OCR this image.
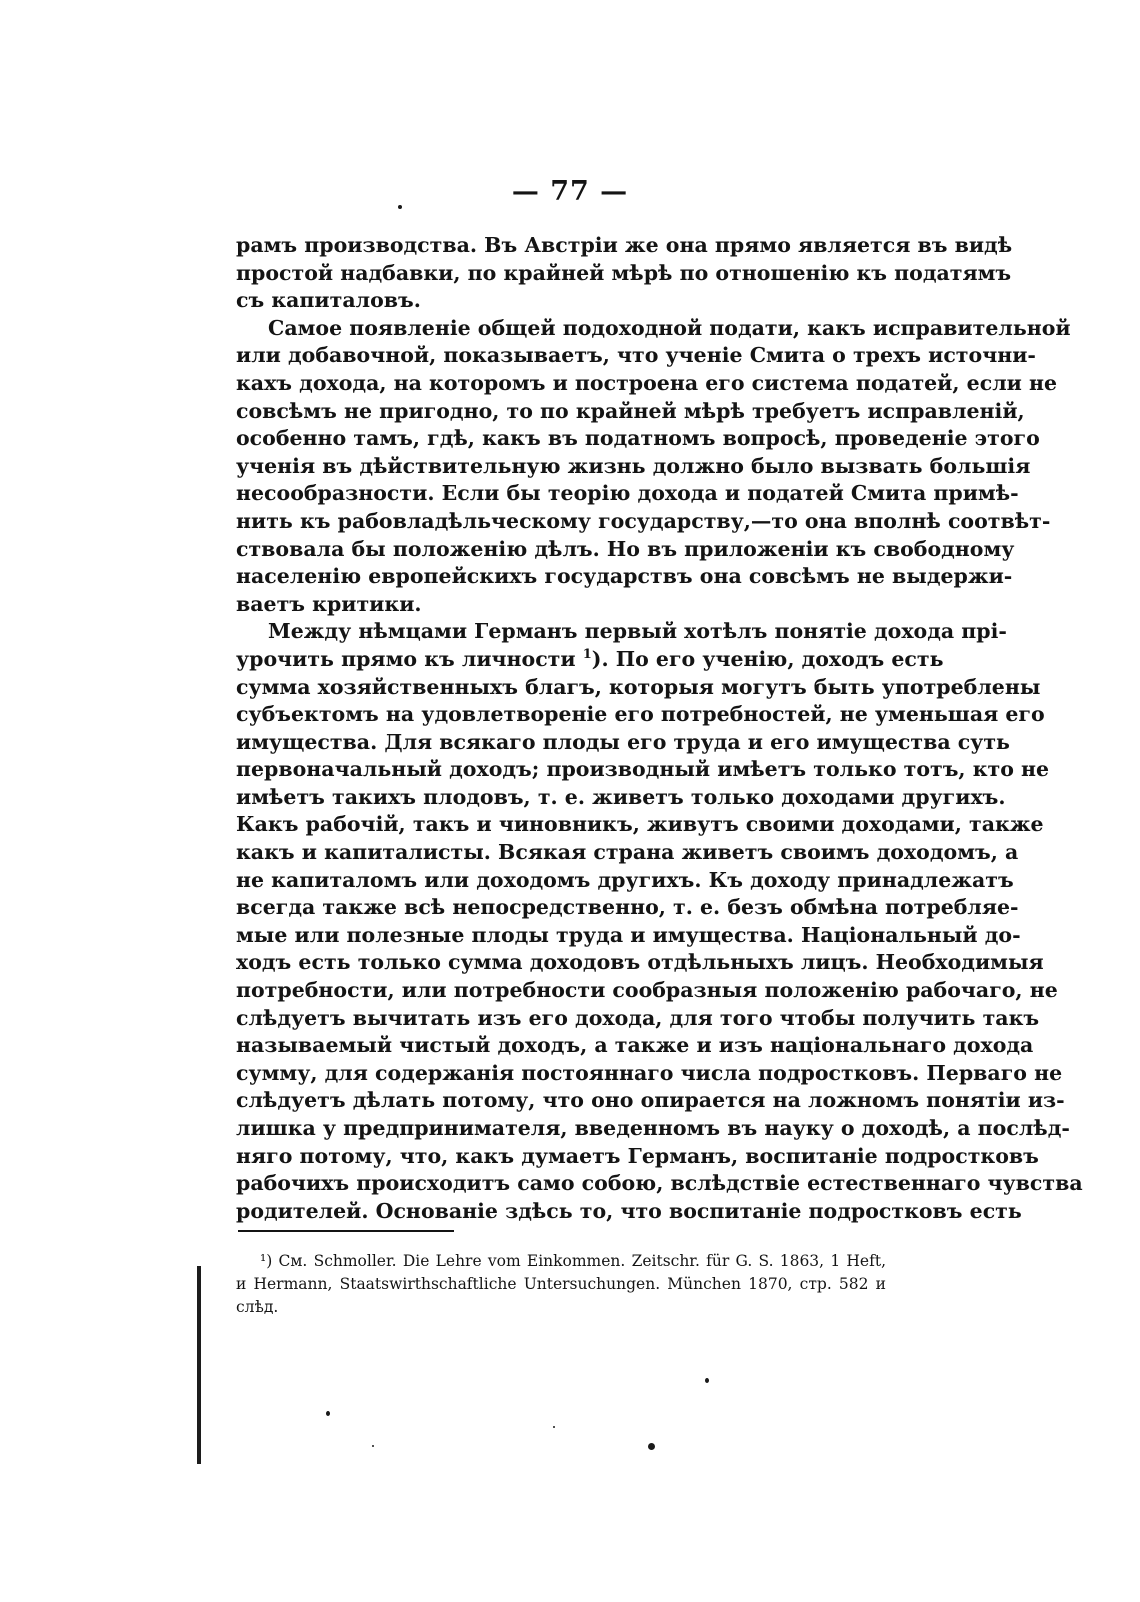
— 77 —
рамъ производства. Въ Австріи же она прямо является въ видѣ
простой надбавки, по крайней мѣрѣ по отношенію къ податямъ
съ капиталовъ.
Самое появленіе общей подоходной подати, какъ исправительной
или добавочной, показываетъ, что ученіе Смита о трехъ источни-
кахъ дохода, на которомъ и построена его система податей, если не
совсѣмъ не пригодно, то по крайней мѣрѣ требуетъ исправленій,
особенно тамъ, гдѣ, какъ въ податномъ вопросѣ, проведеніе этого
ученія въ дѣйствительную жизнь должно было вызвать большія
несообразности. Если бы теорію дохода и податей Смита примѣ-
нить къ рабовладѣльческому государству,—то она вполнѣ соотвѣт-
ствовала бы положенію дѣлъ. Но въ приложеніи къ свободному
населенію европейскихъ государствъ она совсѣмъ не выдержи-
ваетъ критики.
Между нѣмцами Германъ первый хотѣлъ понятіе дохода прі-
урочить прямо къ личности $^1$). По его ученію, доходъ есть
сумма хозяйственныхъ благъ, которыя могутъ быть употреблены
субъектомъ на удовлетвореніе его потребностей, не уменьшая его
имущества. Для всякаго плоды его труда и его имущества суть
первоначальный доходъ; производный имѣетъ только тотъ, кто не
имѣетъ такихъ плодовъ, т. е. живетъ только доходами другихъ.
Какъ рабочій, такъ и чиновникъ, живутъ своими доходами, также
какъ и капиталисты. Всякая страна живетъ своимъ доходомъ, а
не капиталомъ или доходомъ другихъ. Къ доходу принадлежатъ
всегда также всѣ непосредственно, т. е. безъ обмѣна потребляе-
мые или полезные плоды труда и имущества. Національный до-
ходъ есть только сумма доходовъ отдѣльныхъ лицъ. Необходимыя
потребности, или потребности сообразныя положенію рабочаго, не
слѣдуетъ вычитать изъ его дохода, для того чтобы получить такъ
называемый чистый доходъ, а также и изъ національнаго дохода
сумму, для содержанія постояннаго числа подростковъ. Перваго не
слѣдуетъ дѣлать потому, что оно опирается на ложномъ понятіи из-
лишка у предпринимателя, введенномъ въ науку о доходѣ, а послѣд-
няго потому, что, какъ думаетъ Германъ, воспитаніе подростковъ
рабочихъ происходитъ само собою, вслѣдствіе естественнаго чувства
родителей. Основаніе здѣсь то, что воспитаніе подростковъ есть
¹) См. Schmoller. Die Lehre vom Einkommen. Zeitschr. für G. S. 1863, 1 Heft,
и Hermann, Staatswirthschaftliche Untersuchungen. München 1870, стр. 582 и
слѣд.
